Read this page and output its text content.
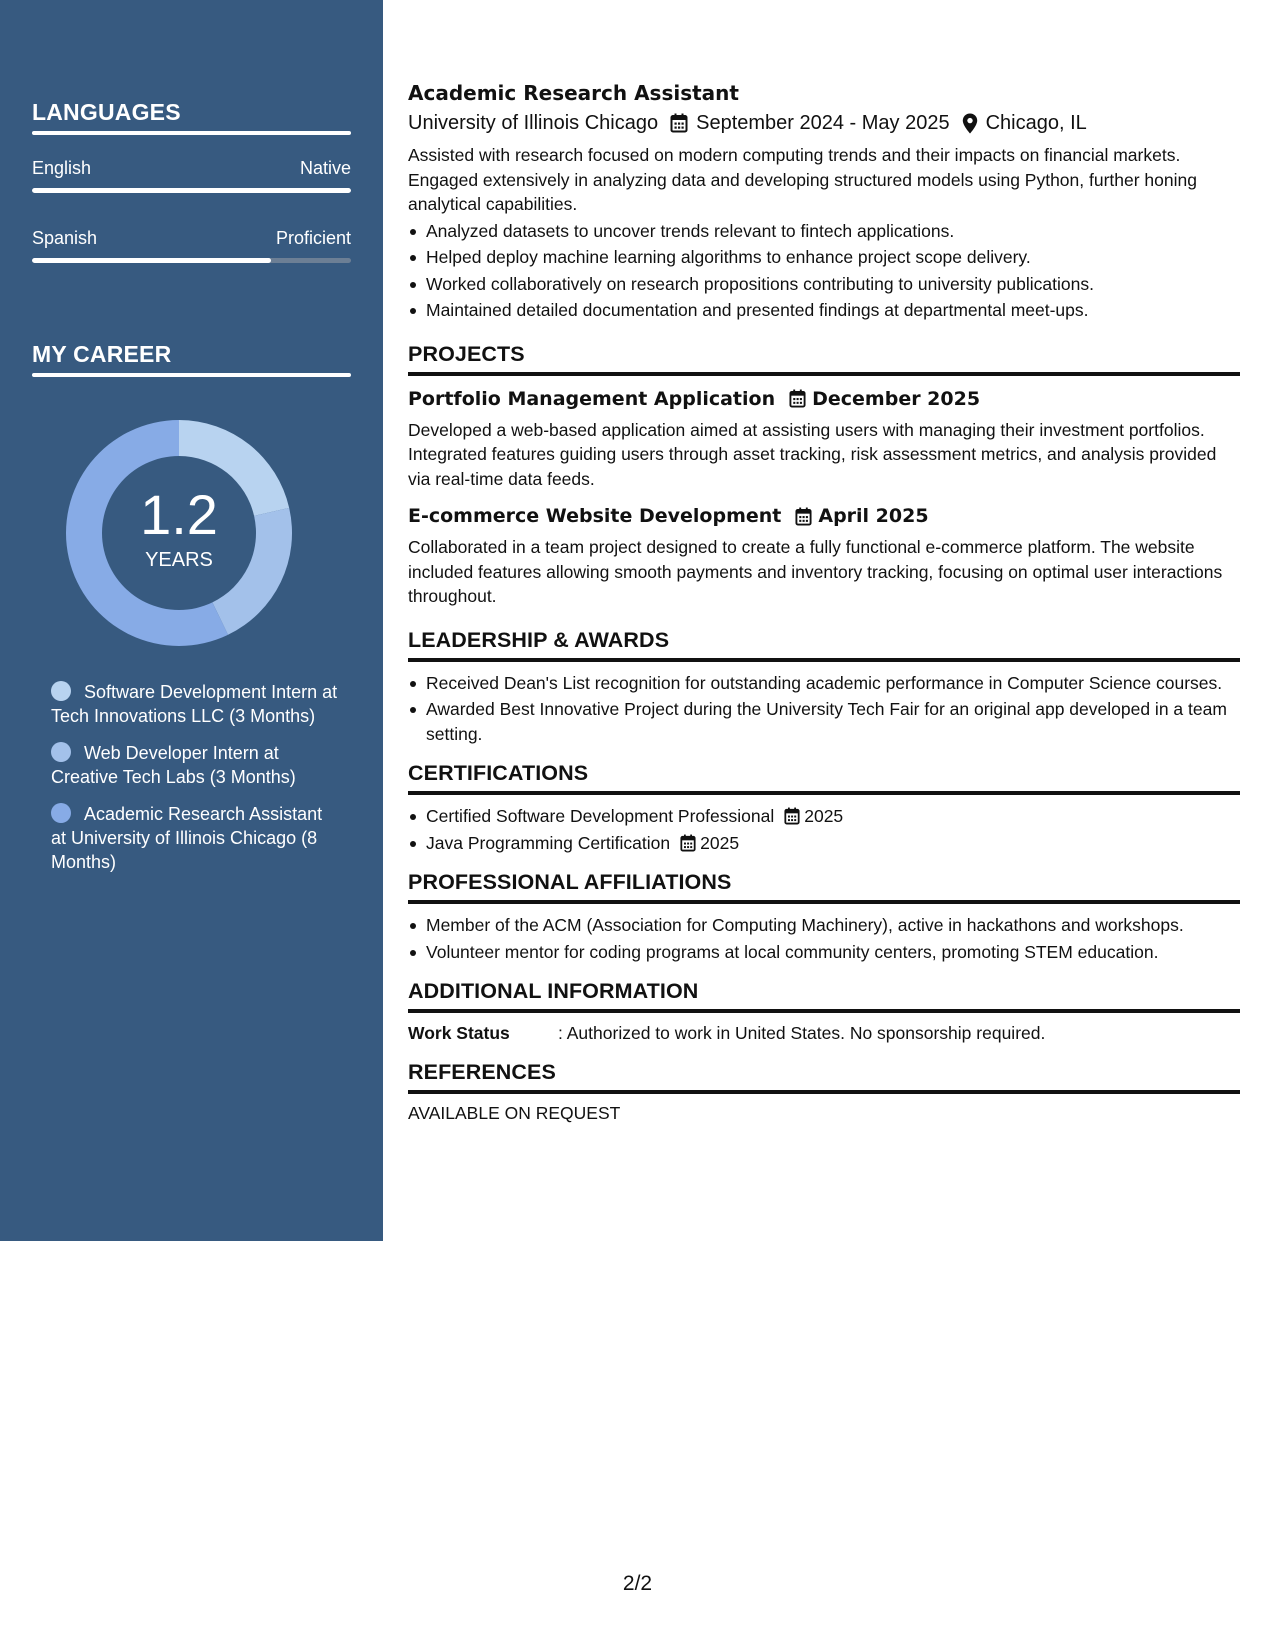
LANGUAGES
English	Native
Spanish	Proficient
MY CAREER
1.2
YEARS
Software Development Intern at Tech Innovations LLC (3 Months)
Web Developer Intern at Creative Tech Labs (3 Months)
Academic Research Assistant at University of Illinois Chicago (8 Months)
Academic Research Assistant
University of Illinois Chicago September 2024 - May 2025 Chicago, IL
Assisted with research focused on modern computing trends and their impacts on financial markets. Engaged extensively in analyzing data and developing structured models using Python, further honing analytical capabilities.
Analyzed datasets to uncover trends relevant to fintech applications.
Helped deploy machine learning algorithms to enhance project scope delivery.
Worked collaboratively on research propositions contributing to university publications.
Maintained detailed documentation and presented findings at departmental meet-ups.
PROJECTS
Portfolio Management Application December 2025
Developed a web-based application aimed at assisting users with managing their investment portfolios. Integrated features guiding users through asset tracking, risk assessment metrics, and analysis provided via real-time data feeds.
E-commerce Website Development April 2025
Collaborated in a team project designed to create a fully functional e-commerce platform. The website included features allowing smooth payments and inventory tracking, focusing on optimal user interactions throughout.
LEADERSHIP & AWARDS
Received Dean's List recognition for outstanding academic performance in Computer Science courses.
Awarded Best Innovative Project during the University Tech Fair for an original app developed in a team setting.
CERTIFICATIONS
Certified Software Development Professional 2025
Java Programming Certification 2025
PROFESSIONAL AFFILIATIONS
Member of the ACM (Association for Computing Machinery), active in hackathons and workshops.
Volunteer mentor for coding programs at local community centers, promoting STEM education.
ADDITIONAL INFORMATION
Work Status	: Authorized to work in United States. No sponsorship required.
REFERENCES
AVAILABLE ON REQUEST
2/2
